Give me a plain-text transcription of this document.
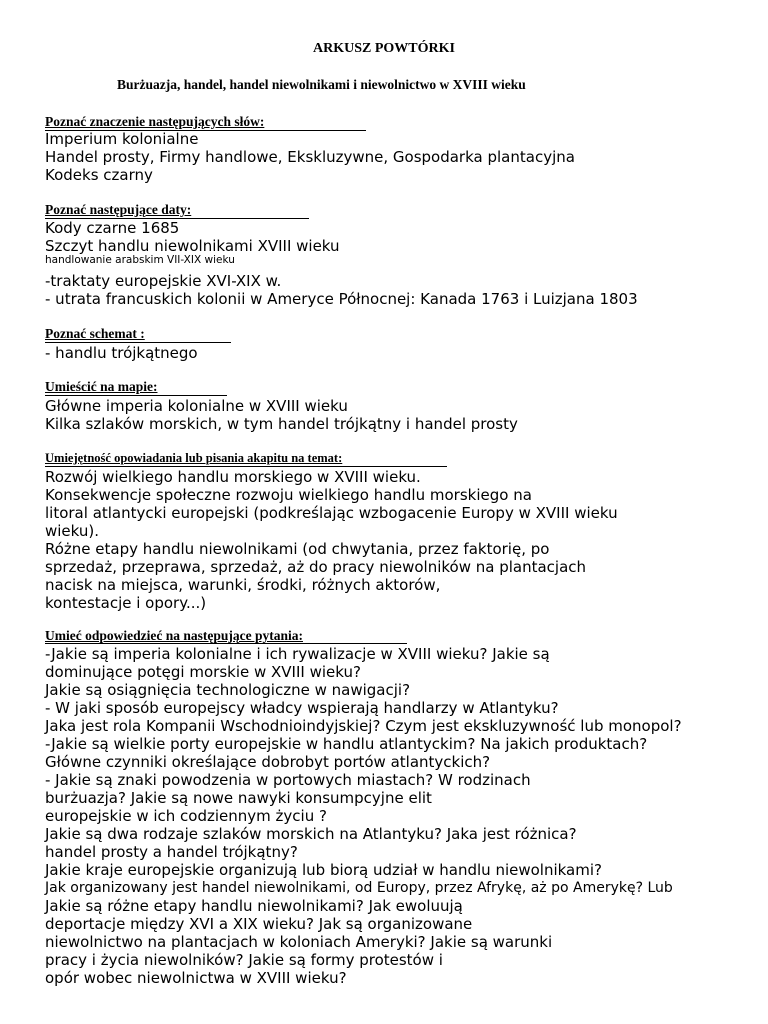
ARKUSZ POWTÓRKI
Burżuazja, handel, handel niewolnikami i niewolnictwo w XVIII wieku
Poznać znaczenie następujących słów:
Imperium kolonialne
Handel prosty, Firmy handlowe, Ekskluzywne, Gospodarka plantacyjna
Kodeks czarny
Poznać następujące daty:
Kody czarne 1685
Szczyt handlu niewolnikami XVIII wieku
handlowanie arabskim VII-XIX wieku
-traktaty europejskie XVI-XIX w.
- utrata francuskich kolonii w Ameryce Północnej: Kanada 1763 i Luizjana 1803
Poznać schemat :
- handlu trójkątnego
Umieścić na mapie:
Główne imperia kolonialne w XVIII wieku
Kilka szlaków morskich, w tym handel trójkątny i handel prosty
Umiejętność opowiadania lub pisania akapitu na temat:
Rozwój wielkiego handlu morskiego w XVIII wieku.
Konsekwencje społeczne rozwoju wielkiego handlu morskiego na
litoral atlantycki europejski (podkreślając wzbogacenie Europy w XVIII wieku
wieku).
Różne etapy handlu niewolnikami (od chwytania, przez faktorię, po
sprzedaż, przeprawa, sprzedaż, aż do pracy niewolników na plantacjach
nacisk na miejsca, warunki, środki, różnych aktorów,
kontestacje i opory...)
Umieć odpowiedzieć na następujące pytania:
-Jakie są imperia kolonialne i ich rywalizacje w XVIII wieku? Jakie są
dominujące potęgi morskie w XVIII wieku?
Jakie są osiągnięcia technologiczne w nawigacji?
- W jaki sposób europejscy władcy wspierają handlarzy w Atlantyku?
Jaka jest rola Kompanii Wschodnioindyjskiej? Czym jest ekskluzywność lub monopol?
-Jakie są wielkie porty europejskie w handlu atlantyckim? Na jakich produktach?
Główne czynniki określające dobrobyt portów atlantyckich?
- Jakie są znaki powodzenia w portowych miastach? W rodzinach
burżuazja? Jakie są nowe nawyki konsumpcyjne elit
europejskie w ich codziennym życiu ?
Jakie są dwa rodzaje szlaków morskich na Atlantyku? Jaka jest różnica?
handel prosty a handel trójkątny?
Jakie kraje europejskie organizują lub biorą udział w handlu niewolnikami?
Jak organizowany jest handel niewolnikami, od Europy, przez Afrykę, aż po Amerykę? Lub
Jakie są różne etapy handlu niewolnikami? Jak ewoluują
deportacje między XVI a XIX wieku? Jak są organizowane
niewolnictwo na plantacjach w koloniach Ameryki? Jakie są warunki
pracy i życia niewolników? Jakie są formy protestów i
opór wobec niewolnictwa w XVIII wieku?
